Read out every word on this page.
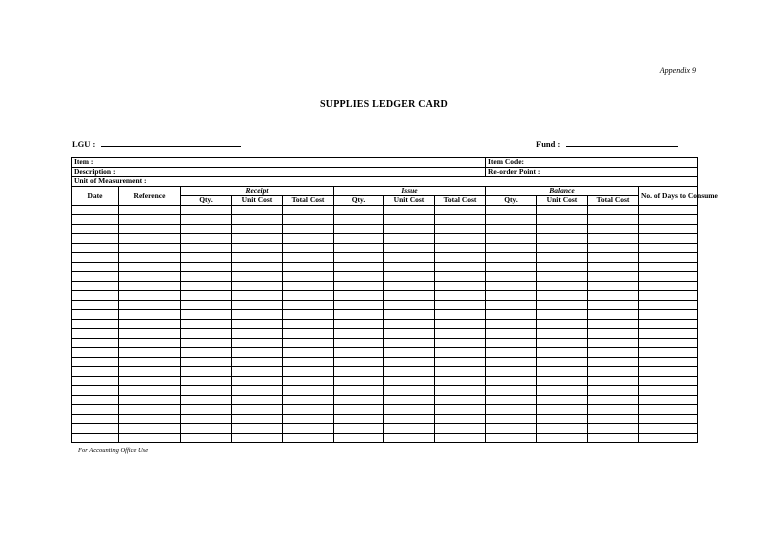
Appendix 9
SUPPLIES LEDGER CARD
LGU :	Fund :
Item :								Item Code:			
Description :								Re-order Point :			
Unit of Measurement :											
Date	Reference	Receipt			Issue			Balance			No. of Days to Consume
		Qty.	Unit Cost	Total Cost	Qty.	Unit Cost	Total Cost	Qty.	Unit Cost	Total Cost	

For Accounting Office Use
